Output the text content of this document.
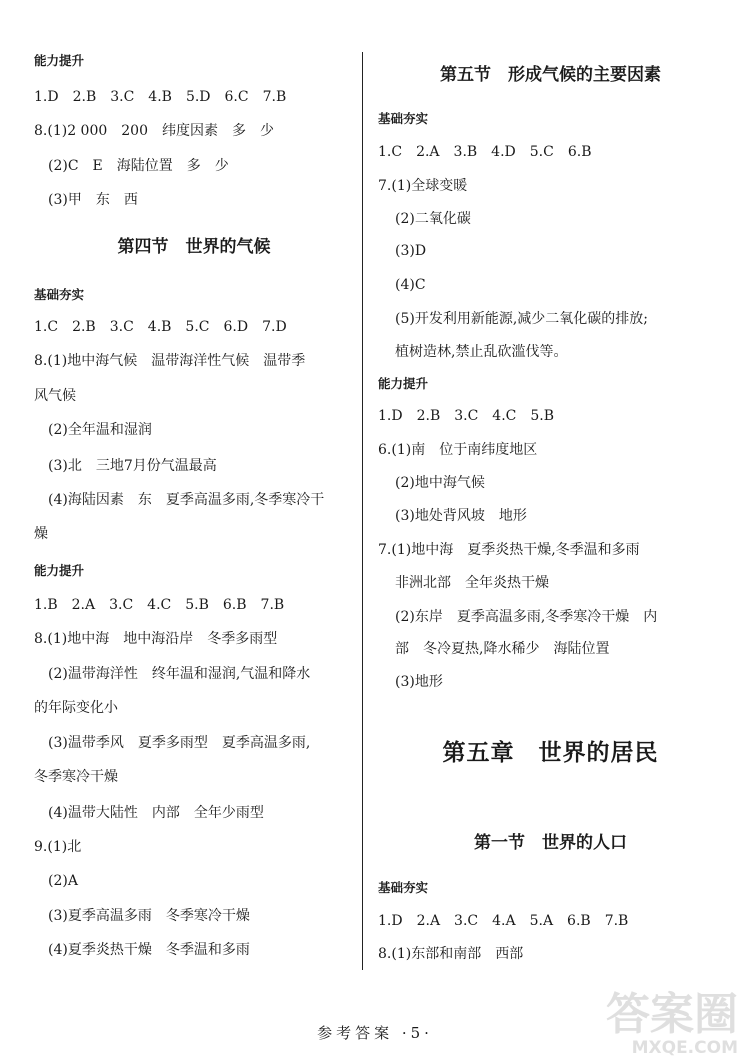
能力提升
1.D　2.B　3.C　4.B　5.D　6.C　7.B
8.(1)2 000　200　纬度因素　多　少
(2)C　E　海陆位置　多　少
(3)甲　东　西
第四节　世界的气候
基础夯实
1.C　2.B　3.C　4.B　5.C　6.D　7.D
8.(1)地中海气候　温带海洋性气候　温带季
风气候
(2)全年温和湿润
(3)北　三地7月份气温最高
(4)海陆因素　东　夏季高温多雨,冬季寒冷干
燥
能力提升
1.B　2.A　3.C　4.C　5.B　6.B　7.B
8.(1)地中海　地中海沿岸　冬季多雨型
(2)温带海洋性　终年温和湿润,气温和降水
的年际变化小
(3)温带季风　夏季多雨型　夏季高温多雨,
冬季寒冷干燥
(4)温带大陆性　内部　全年少雨型
9.(1)北
(2)A
(3)夏季高温多雨　冬季寒冷干燥
(4)夏季炎热干燥　冬季温和多雨
第五节　形成气候的主要因素
基础夯实
1.C　2.A　3.B　4.D　5.C　6.B
7.(1)全球变暖
(2)二氧化碳
(3)D
(4)C
(5)开发利用新能源,减少二氧化碳的排放;
植树造林,禁止乱砍滥伐等。
能力提升
1.D　2.B　3.C　4.C　5.B
6.(1)南　位于南纬度地区
(2)地中海气候
(3)地处背风坡　地形
7.(1)地中海　夏季炎热干燥,冬季温和多雨
非洲北部　全年炎热干燥
(2)东岸　夏季高温多雨,冬季寒冷干燥　内
部　冬冷夏热,降水稀少　海陆位置
(3)地形
第五章　世界的居民
第一节　世界的人口
基础夯实
1.D　2.A　3.C　4.A　5.A　6.B　7.B
8.(1)东部和南部　西部
参考答案 ·5·	答案圈
MXQE.COM
